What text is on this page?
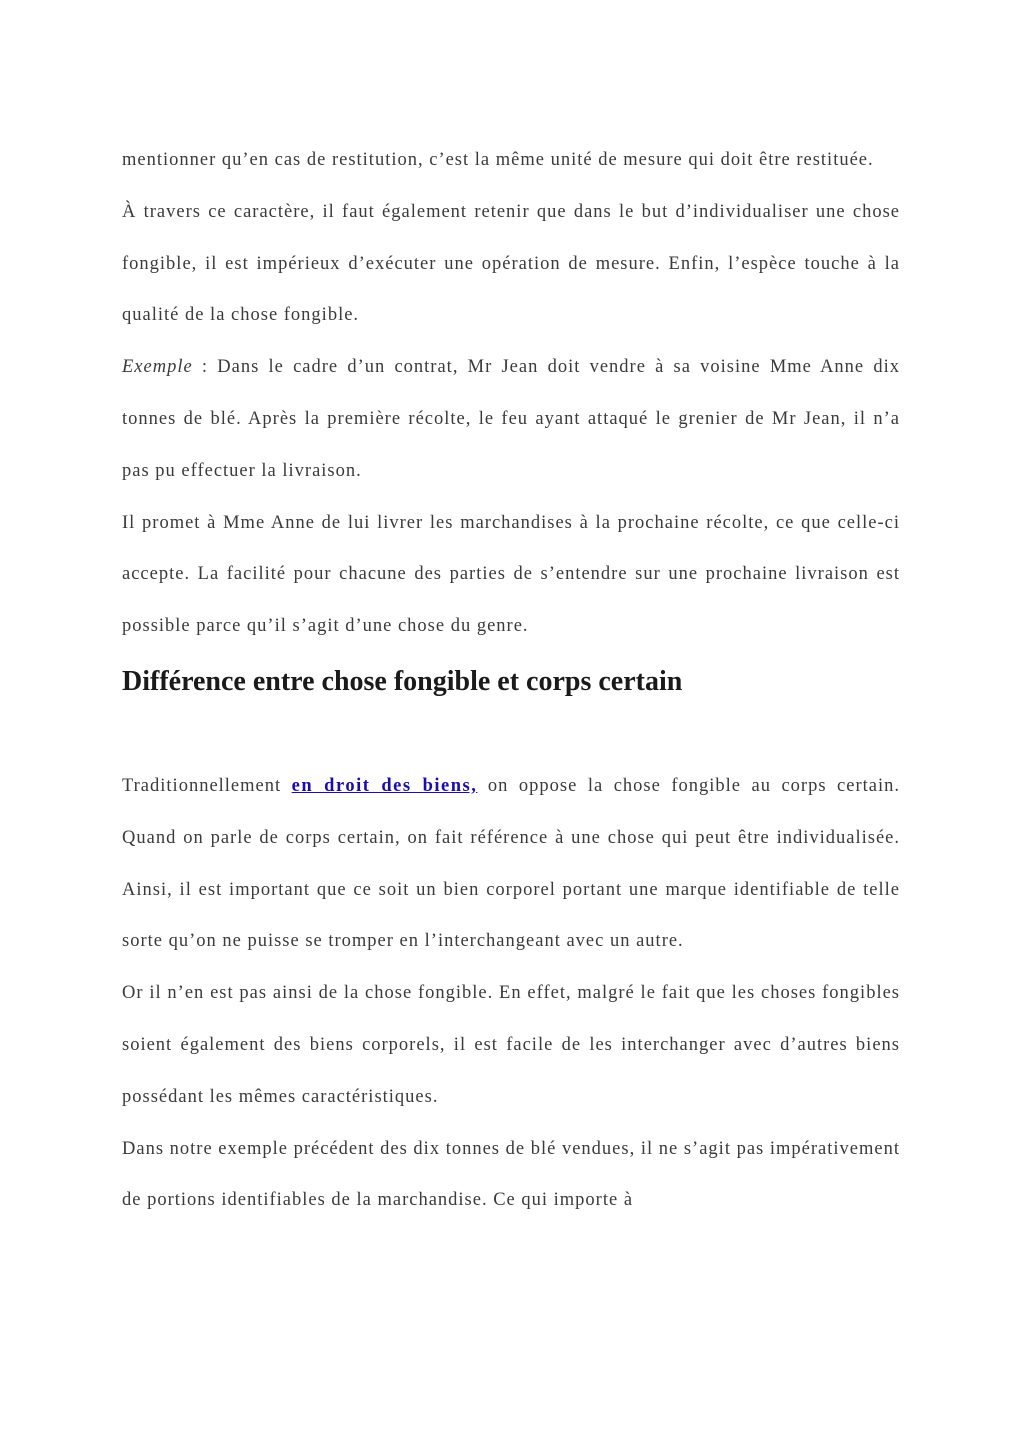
mentionner qu’en cas de restitution, c’est la même unité de mesure qui doit être restituée.

À travers ce caractère, il faut également retenir que dans le but d’individualiser une chose fongible, il est impérieux d’exécuter une opération de mesure. Enfin, l’espèce touche à la qualité de la chose fongible.

Exemple : Dans le cadre d’un contrat, Mr Jean doit vendre à sa voisine Mme Anne dix tonnes de blé. Après la première récolte, le feu ayant attaqué le grenier de Mr Jean, il n’a pas pu effectuer la livraison.

Il promet à Mme Anne de lui livrer les marchandises à la prochaine récolte, ce que celle-ci accepte. La facilité pour chacune des parties de s’entendre sur une prochaine livraison est possible parce qu’il s’agit d’une chose du genre.

Différence entre chose fongible et corps certain

Traditionnellement en droit des biens, on oppose la chose fongible au corps certain. Quand on parle de corps certain, on fait référence à une chose qui peut être individualisée. Ainsi, il est important que ce soit un bien corporel portant une marque identifiable de telle sorte qu’on ne puisse se tromper en l’interchangeant avec un autre.

Or il n’en est pas ainsi de la chose fongible. En effet, malgré le fait que les choses fongibles soient également des biens corporels, il est facile de les interchanger avec d’autres biens possédant les mêmes caractéristiques.

Dans notre exemple précédent des dix tonnes de blé vendues, il ne s’agit pas impérativement de portions identifiables de la marchandise. Ce qui importe à
